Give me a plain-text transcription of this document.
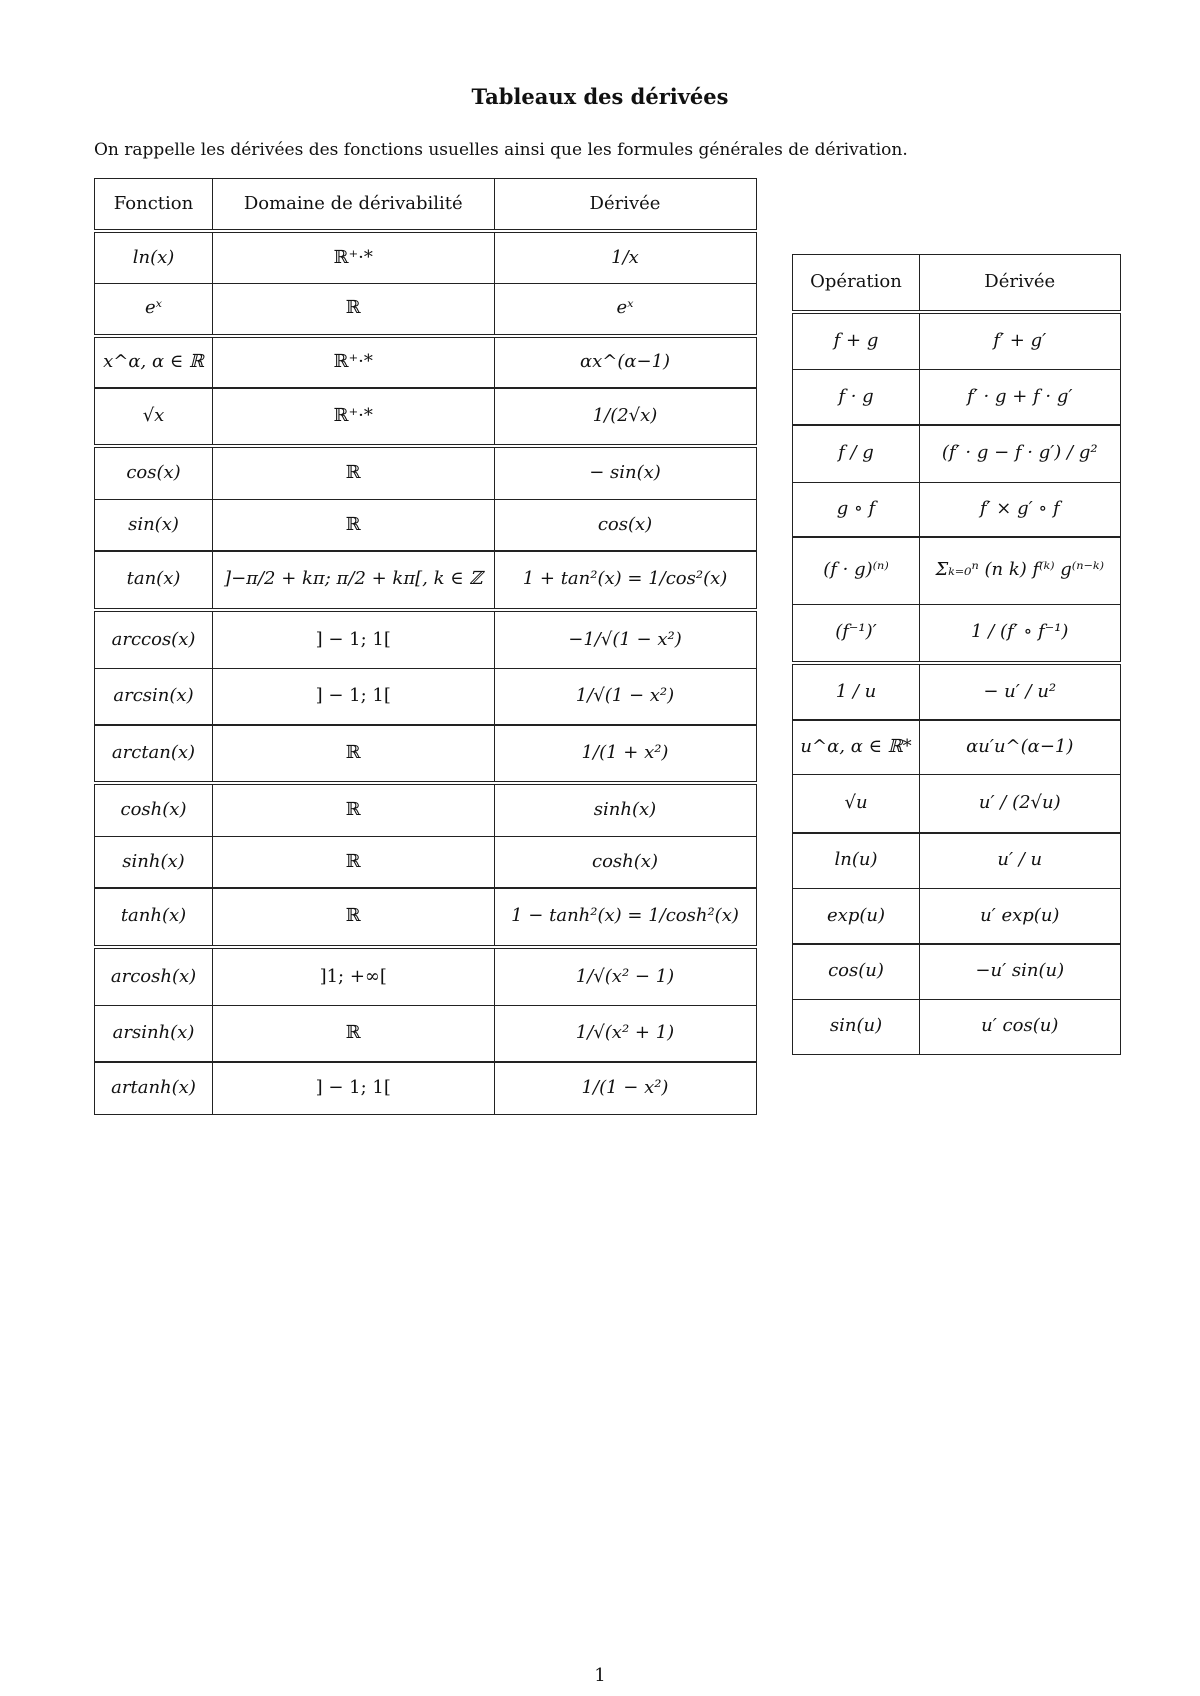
Tableaux des dérivées
On rappelle les dérivées des fonctions usuelles ainsi que les formules générales de dérivation.
Fonction	Domaine de dérivabilité	Dérivée
ln(x)	ℝ⁺·*	1/x
eˣ	ℝ	eˣ
x^α, α ∈ ℝ	ℝ⁺·*	αx^(α−1)
√x	ℝ⁺·*	1/(2√x)
cos(x)	ℝ	− sin(x)
sin(x)	ℝ	cos(x)
tan(x)	]−π/2 + kπ; π/2 + kπ[, k ∈ ℤ	1 + tan²(x) = 1/cos²(x)
arccos(x)	] − 1; 1[	−1/√(1 − x²)
arcsin(x)	] − 1; 1[	1/√(1 − x²)
arctan(x)	ℝ	1/(1 + x²)
cosh(x)	ℝ	sinh(x)
sinh(x)	ℝ	cosh(x)
tanh(x)	ℝ	1 − tanh²(x) = 1/cosh²(x)
arcosh(x)	]1; +∞[	1/√(x² − 1)
arsinh(x)	ℝ	1/√(x² + 1)
artanh(x)	] − 1; 1[	1/(1 − x²)
Opération	Dérivée
f + g	f′ + g′
f · g	f′ · g + f · g′
f / g	(f′ · g − f · g′) / g²
g ∘ f	f′ × g′ ∘ f
(f · g)⁽ⁿ⁾	Σₖ₌₀ⁿ (n k) f⁽ᵏ⁾ g⁽ⁿ⁻ᵏ⁾
(f⁻¹)′	1 / (f′ ∘ f⁻¹)
1 / u	− u′ / u²
u^α, α ∈ ℝ*	αu′u^(α−1)
√u	u′ / (2√u)
ln(u)	u′ / u
exp(u)	u′ exp(u)
cos(u)	−u′ sin(u)
sin(u)	u′ cos(u)
1
